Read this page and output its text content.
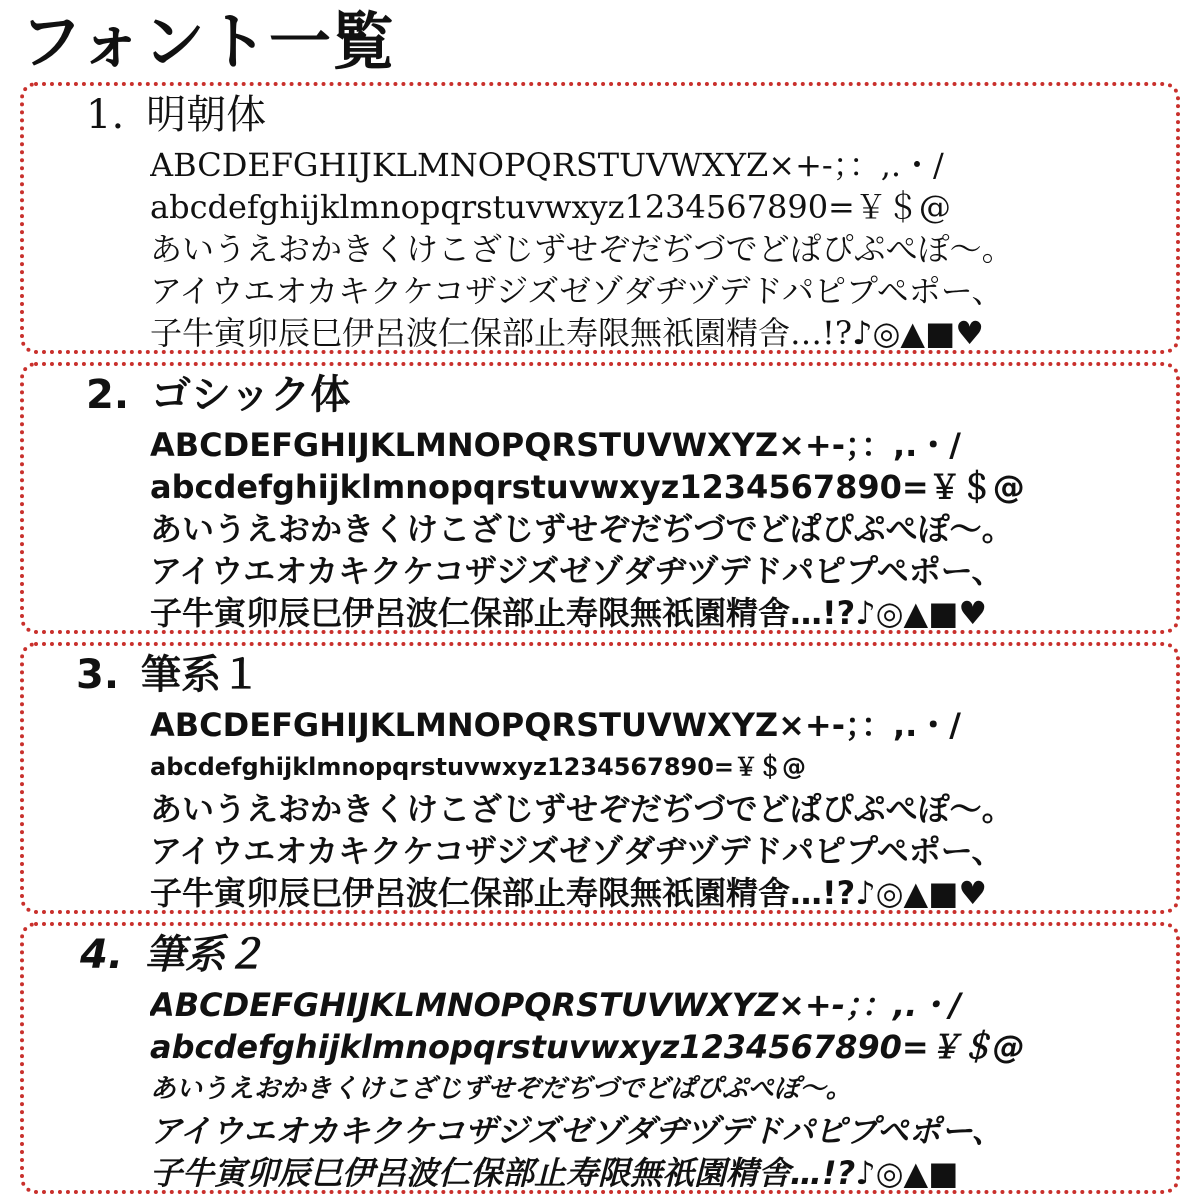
フォント一覧
1. 明朝体
ABCDEFGHIJKLMNOPQRSTUVWXYZ×+-；：,.・/
abcdefghijklmnopqrstuvwxyz1234567890=￥＄@
あいうえおかきくけこざじずせぞだぢづでどぱぴぷぺぽ～。
アイウエオカキクケコザジズゼゾダヂヅデドパピプペポー、
子牛寅卯辰巳伊呂波仁保部止寿限無祇園精舎…!?♪◎▲■♥
2. ゴシック体
ABCDEFGHIJKLMNOPQRSTUVWXYZ×+-；：,.・/
abcdefghijklmnopqrstuvwxyz1234567890=￥＄@
あいうえおかきくけこざじずせぞだぢづでどぱぴぷぺぽ～。
アイウエオカキクケコザジズゼゾダヂヅデドパピプペポー、
子牛寅卯辰巳伊呂波仁保部止寿限無祇園精舎…!?♪◎▲■♥
3. 筆系１
ABCDEFGHIJKLMNOPQRSTUVWXYZ×+-；：,.・/
abcdefghijklmnopqrstuvwxyz1234567890=￥＄@
あいうえおかきくけこざじずせぞだぢづでどぱぴぷぺぽ～。
アイウエオカキクケコザジズゼゾダヂヅデドパピプペポー、
子牛寅卯辰巳伊呂波仁保部止寿限無祇園精舎…!?♪◎▲■♥
4. 筆系２
ABCDEFGHIJKLMNOPQRSTUVWXYZ×+-；：,.・/
abcdefghijklmnopqrstuvwxyz1234567890=￥＄@
あいうえおかきくけこざじずせぞだぢづでどぱぴぷぺぽ～。
アイウエオカキクケコザジズゼゾダヂヅデドパピプペポー、
子牛寅卯辰巳伊呂波仁保部止寿限無祇園精舎…!?♪◎▲■
